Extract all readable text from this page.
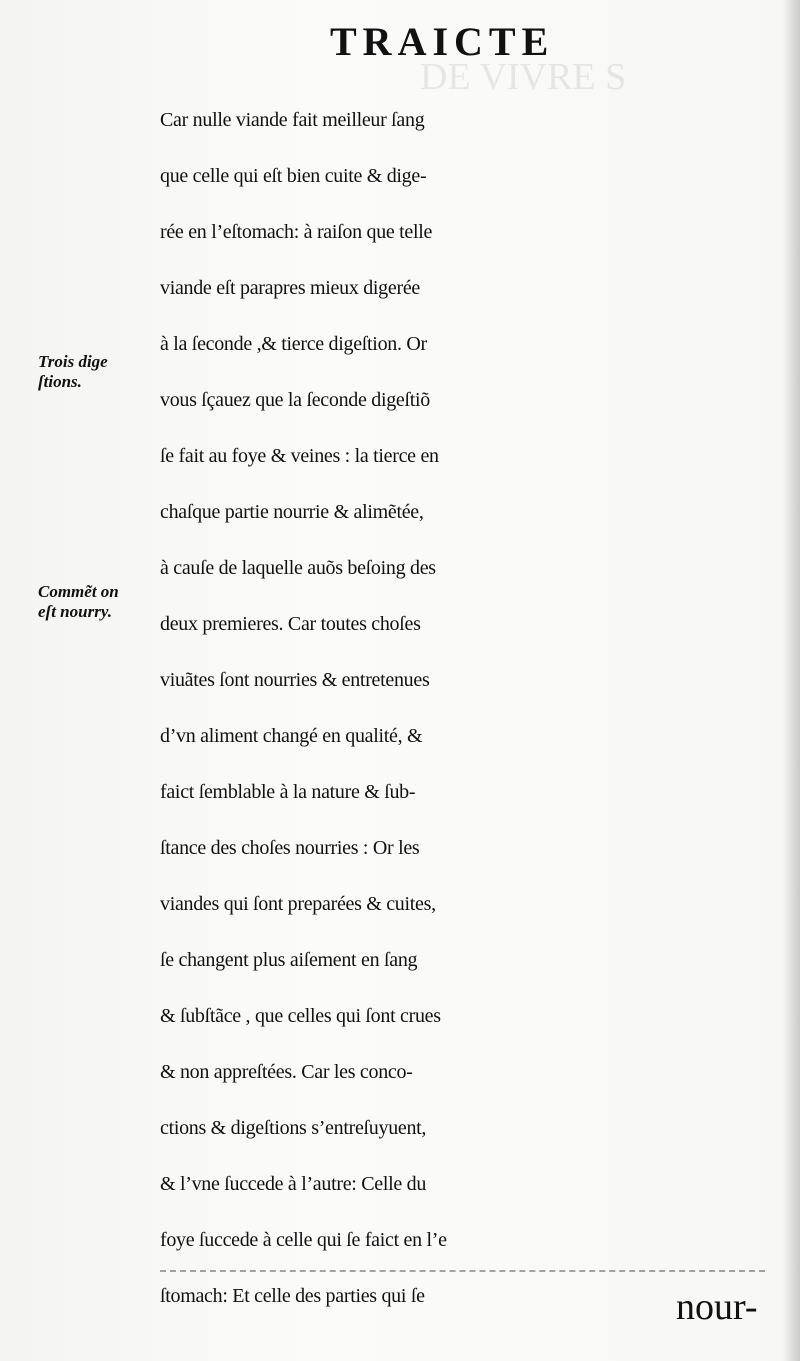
DE VIVRE S
TRAICTE
Trois dige
ſtions.
Commẽt on
eſt nourry.
Car nulle viande fait meilleur ſang
que celle qui eſt bien cuite & dige-
rée en l’eſtomach: à raiſon que telle
viande eſt parapres mieux digerée
à la ſeconde ,& tierce digeſtion. Or
vous ſçauez que la ſeconde digeſtiõ
ſe fait au foye & veines : la tierce en
chaſque partie nourrie & alimẽtée,
à cauſe de laquelle auõs beſoing des
deux premieres. Car toutes choſes
viuãtes ſont nourries & entretenues
d’vn aliment changé en qualité, &
faict ſemblable à la nature & ſub-
ſtance des choſes nourries : Or les
viandes qui ſont preparées & cuites,
ſe changent plus aiſement en ſang
& ſubſtãce , que celles qui ſont crues
& non appreſtées. Car les conco-
ctions & digeſtions s’entreſuyuent,
& l’vne ſuccede à l’autre: Celle du
foye ſuccede à celle qui ſe faict en l’e
ſtomach: Et celle des parties qui ſe	nour-
